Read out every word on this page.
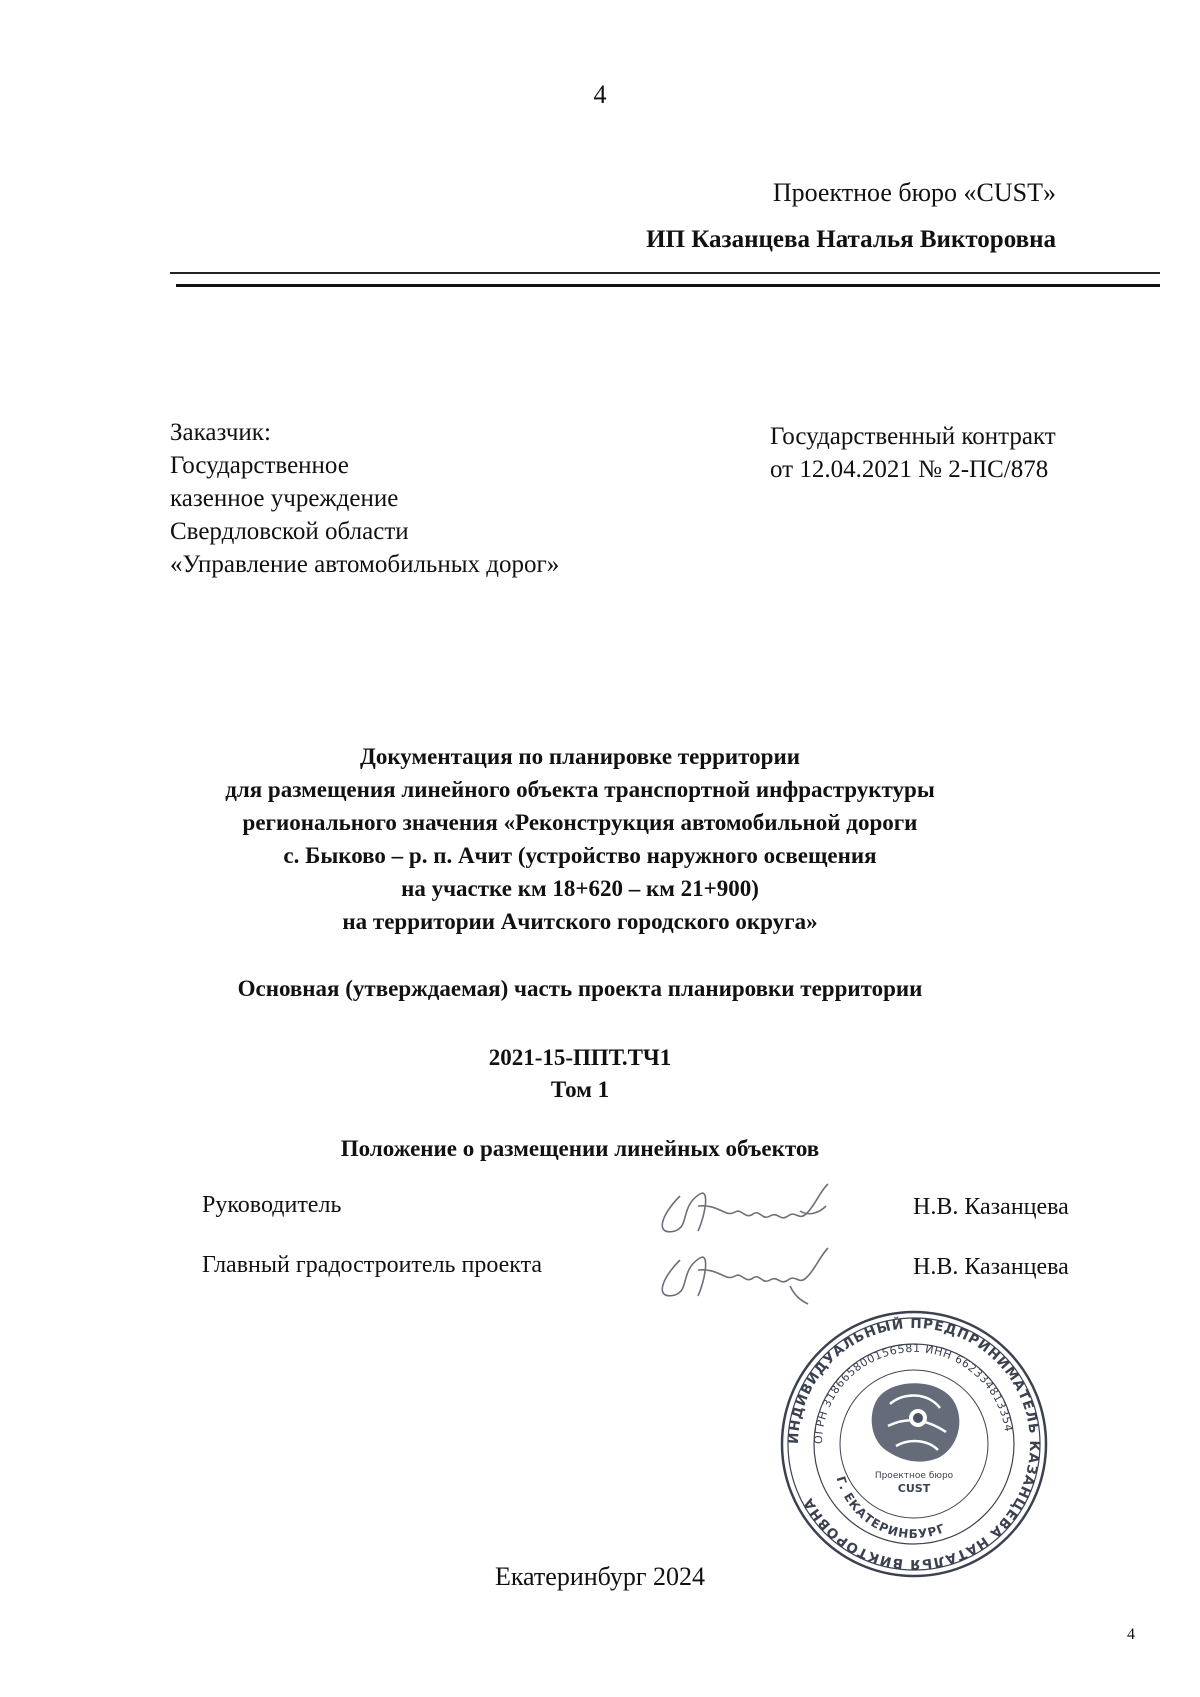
4
Проектное бюро «CUST»
ИП Казанцева Наталья Викторовна
Заказчик:
Государственное
казенное учреждение
Свердловской области
«Управление автомобильных дорог»
Государственный контракт
от 12.04.2021 № 2-ПС/878
Документация по планировке территории
для размещения линейного объекта транспортной инфраструктуры
регионального значения «Реконструкция автомобильной дороги
с. Быково – р. п. Ачит (устройство наружного освещения
на участке км 18+620 – км 21+900)
на территории Ачитского городского округа»
Основная (утверждаемая) часть проекта планировки территории
2021-15-ППТ.ТЧ1
Том 1
Положение о размещении линейных объектов
Руководитель	Н.В. Казанцева
Главный градостроитель проекта	Н.В. Казанцева
ИНДИВИДУАЛЬНЫЙ ПРЕДПРИНИМАТЕЛЬ КАЗАНЦЕВА НАТАЛЬЯ ВИКТОРОВНА
ОГРН 318665800156581 ИНН 662334813354
Г. ЕКАТЕРИНБУРГ
Проектное бюро
CUST
Екатеринбург 2024
4
